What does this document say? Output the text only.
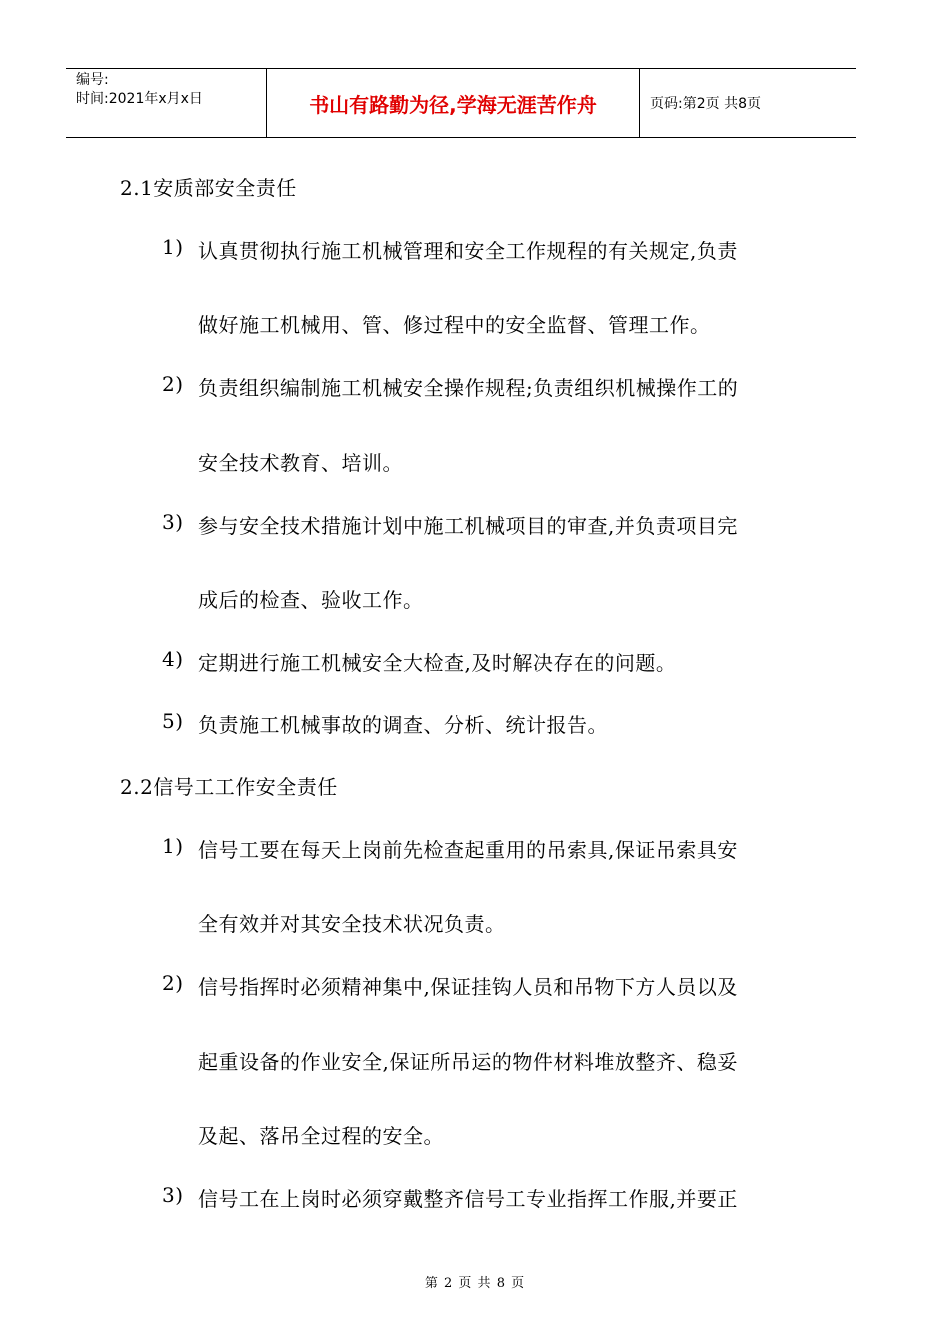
编号:
时间:2021年x月x日	书山有路勤为径,学海无涯苦作舟	页码:第2页 共8页
2.1安质部安全责任
1) 认真贯彻执行施工机械管理和安全工作规程的有关规定,负责
做好施工机械用、管、修过程中的安全监督、管理工作。
2) 负责组织编制施工机械安全操作规程;负责组织机械操作工的
安全技术教育、培训。
3) 参与安全技术措施计划中施工机械项目的审查,并负责项目完
成后的检查、验收工作。
4) 定期进行施工机械安全大检查,及时解决存在的问题。
5) 负责施工机械事故的调查、分析、统计报告。
2.2信号工工作安全责任
1) 信号工要在每天上岗前先检查起重用的吊索具,保证吊索具安
全有效并对其安全技术状况负责。
2) 信号指挥时必须精神集中,保证挂钩人员和吊物下方人员以及
起重设备的作业安全,保证所吊运的物件材料堆放整齐、稳妥
及起、落吊全过程的安全。
3) 信号工在上岗时必须穿戴整齐信号工专业指挥工作服,并要正
第 2 页 共 8 页
